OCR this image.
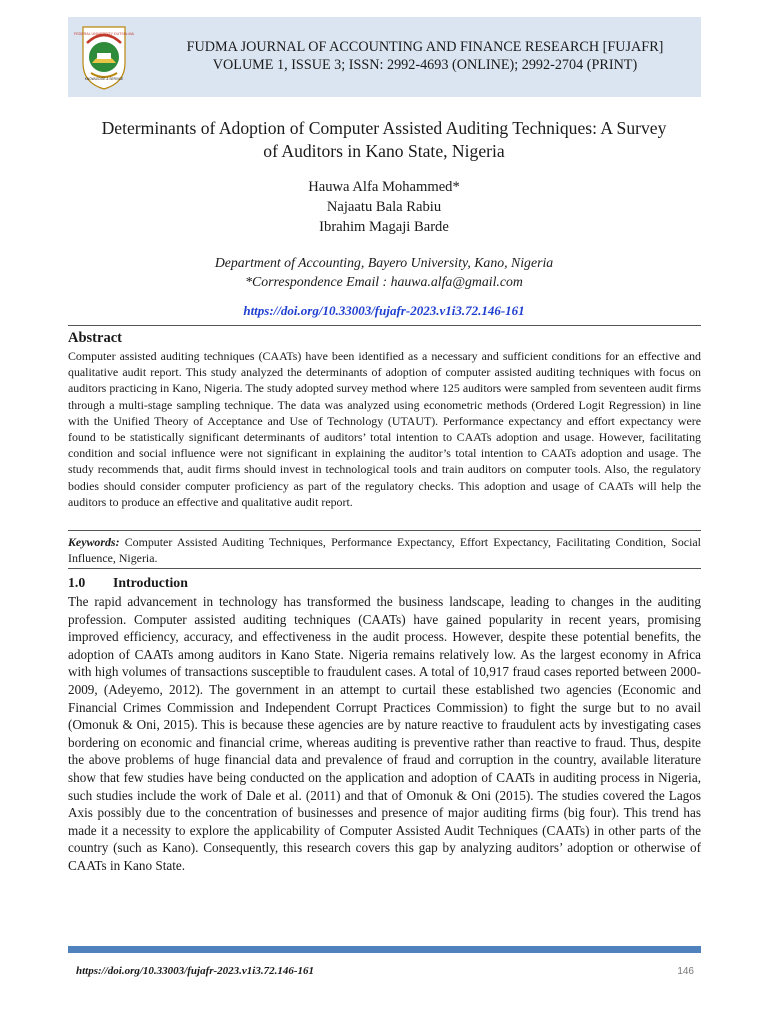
FEDERAL UNIVERSITY DUTSIN-MA
KNOWLEDGE & SERVICE
FUDMA JOURNAL OF ACCOUNTING AND FINANCE RESEARCH [FUJAFR]
VOLUME 1, ISSUE 3; ISSN: 2992-4693 (ONLINE); 2992-2704 (PRINT)
Determinants of Adoption of Computer Assisted Auditing Techniques: A Survey
of Auditors in Kano State, Nigeria
Hauwa Alfa Mohammed*
Najaatu Bala Rabiu
Ibrahim Magaji Barde
Department of Accounting, Bayero University, Kano, Nigeria
*Correspondence Email : hauwa.alfa@gmail.com
https://doi.org/10.33003/fujafr-2023.v1i3.72.146-161
Abstract
Computer assisted auditing techniques (CAATs) have been identified as a necessary and sufficient conditions for an effective and qualitative audit report. This study analyzed the determinants of adoption of computer assisted auditing techniques with focus on auditors practicing in Kano, Nigeria. The study adopted survey method where 125 auditors were sampled from seventeen audit firms through a multi-stage sampling technique. The data was analyzed using econometric methods (Ordered Logit Regression) in line with the Unified Theory of Acceptance and Use of Technology (UTAUT). Performance expectancy and effort expectancy were found to be statistically significant determinants of auditors’ total intention to CAATs adoption and usage. However, facilitating condition and social influence were not significant in explaining the auditor’s total intention to CAATs adoption and usage. The study recommends that, audit firms should invest in technological tools and train auditors on computer tools. Also, the regulatory bodies should consider computer proficiency as part of the regulatory checks. This adoption and usage of CAATs will help the auditors to produce an effective and qualitative audit report.
Keywords: Computer Assisted Auditing Techniques, Performance Expectancy, Effort Expectancy, Facilitating Condition, Social Influence, Nigeria.
1.0 Introduction
The rapid advancement in technology has transformed the business landscape, leading to changes in the auditing profession. Computer assisted auditing techniques (CAATs) have gained popularity in recent years, promising improved efficiency, accuracy, and effectiveness in the audit process. However, despite these potential benefits, the adoption of CAATs among auditors in Kano State. Nigeria remains relatively low. As the largest economy in Africa with high volumes of transactions susceptible to fraudulent cases. A total of 10,917 fraud cases reported between 2000-2009, (Adeyemo, 2012). The government in an attempt to curtail these established two agencies (Economic and Financial Crimes Commission and Independent Corrupt Practices Commission) to fight the surge but to no avail (Omonuk & Oni, 2015). This is because these agencies are by nature reactive to fraudulent acts by investigating cases bordering on economic and financial crime, whereas auditing is preventive rather than reactive to fraud. Thus, despite the above problems of huge financial data and prevalence of fraud and corruption in the country, available literature show that few studies have being conducted on the application and adoption of CAATs in auditing process in Nigeria, such studies include the work of Dale et al. (2011) and that of Omonuk & Oni (2015). The studies covered the Lagos Axis possibly due to the concentration of businesses and presence of major auditing firms (big four). This trend has made it a necessity to explore the applicability of Computer Assisted Audit Techniques (CAATs) in other parts of the country (such as Kano). Consequently, this research covers this gap by analyzing auditors’ adoption or otherwise of CAATs in Kano State.
https://doi.org/10.33003/fujafr-2023.v1i3.72.146-161	146
